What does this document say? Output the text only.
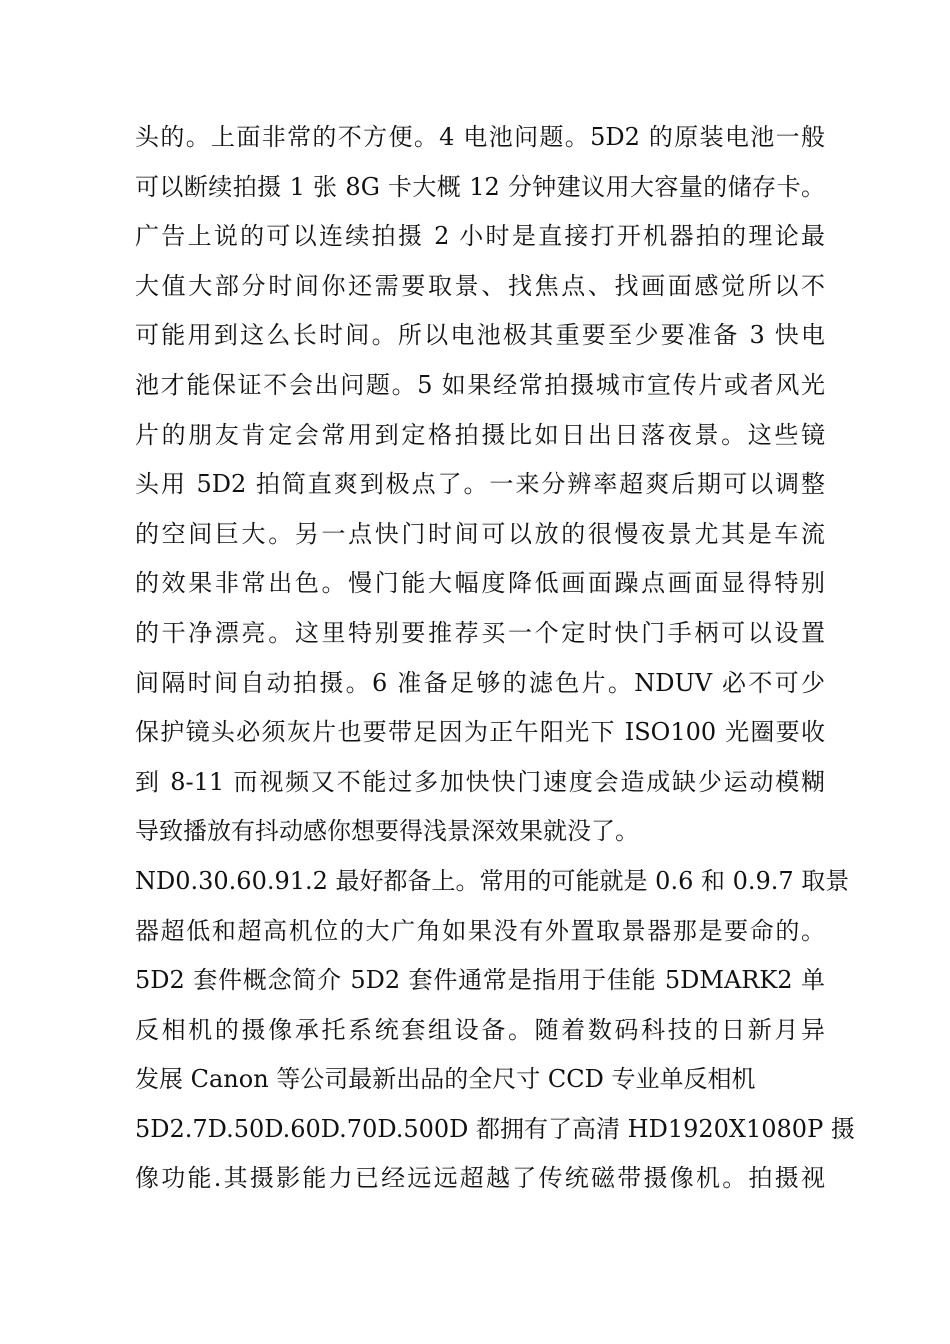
头的。上面非常的不方便。4 电池问题。5D2 的原装电池一般
可以断续拍摄 1 张 8G 卡大概 12 分钟建议用大容量的储存卡。
广告上说的可以连续拍摄 2 小时是直接打开机器拍的理论最
大值大部分时间你还需要取景、找焦点、找画面感觉所以不
可能用到这么长时间。所以电池极其重要至少要准备 3 快电
池才能保证不会出问题。5 如果经常拍摄城市宣传片或者风光
片的朋友肯定会常用到定格拍摄比如日出日落夜景。这些镜
头用 5D2 拍简直爽到极点了。一来分辨率超爽后期可以调整
的空间巨大。另一点快门时间可以放的很慢夜景尤其是车流
的效果非常出色。慢门能大幅度降低画面躁点画面显得特别
的干净漂亮。这里特别要推荐买一个定时快门手柄可以设置
间隔时间自动拍摄。6 准备足够的滤色片。NDUV 必不可少
保护镜头必须灰片也要带足因为正午阳光下 ISO100 光圈要收
到 8-11 而视频又不能过多加快快门速度会造成缺少运动模糊
导致播放有抖动感你想要得浅景深效果就没了。
ND0.30.60.91.2 最好都备上。常用的可能就是 0.6 和 0.9.7 取景
器超低和超高机位的大广角如果没有外置取景器那是要命的。
5D2 套件概念简介 5D2 套件通常是指用于佳能 5DMARK2 单
反相机的摄像承托系统套组设备。随着数码科技的日新月异
发展 Canon 等公司最新出品的全尺寸 CCD 专业单反相机
5D2.7D.50D.60D.70D.500D 都拥有了高清 HD1920X1080P 摄
像功能.其摄影能力已经远远超越了传统磁带摄像机。拍摄视
